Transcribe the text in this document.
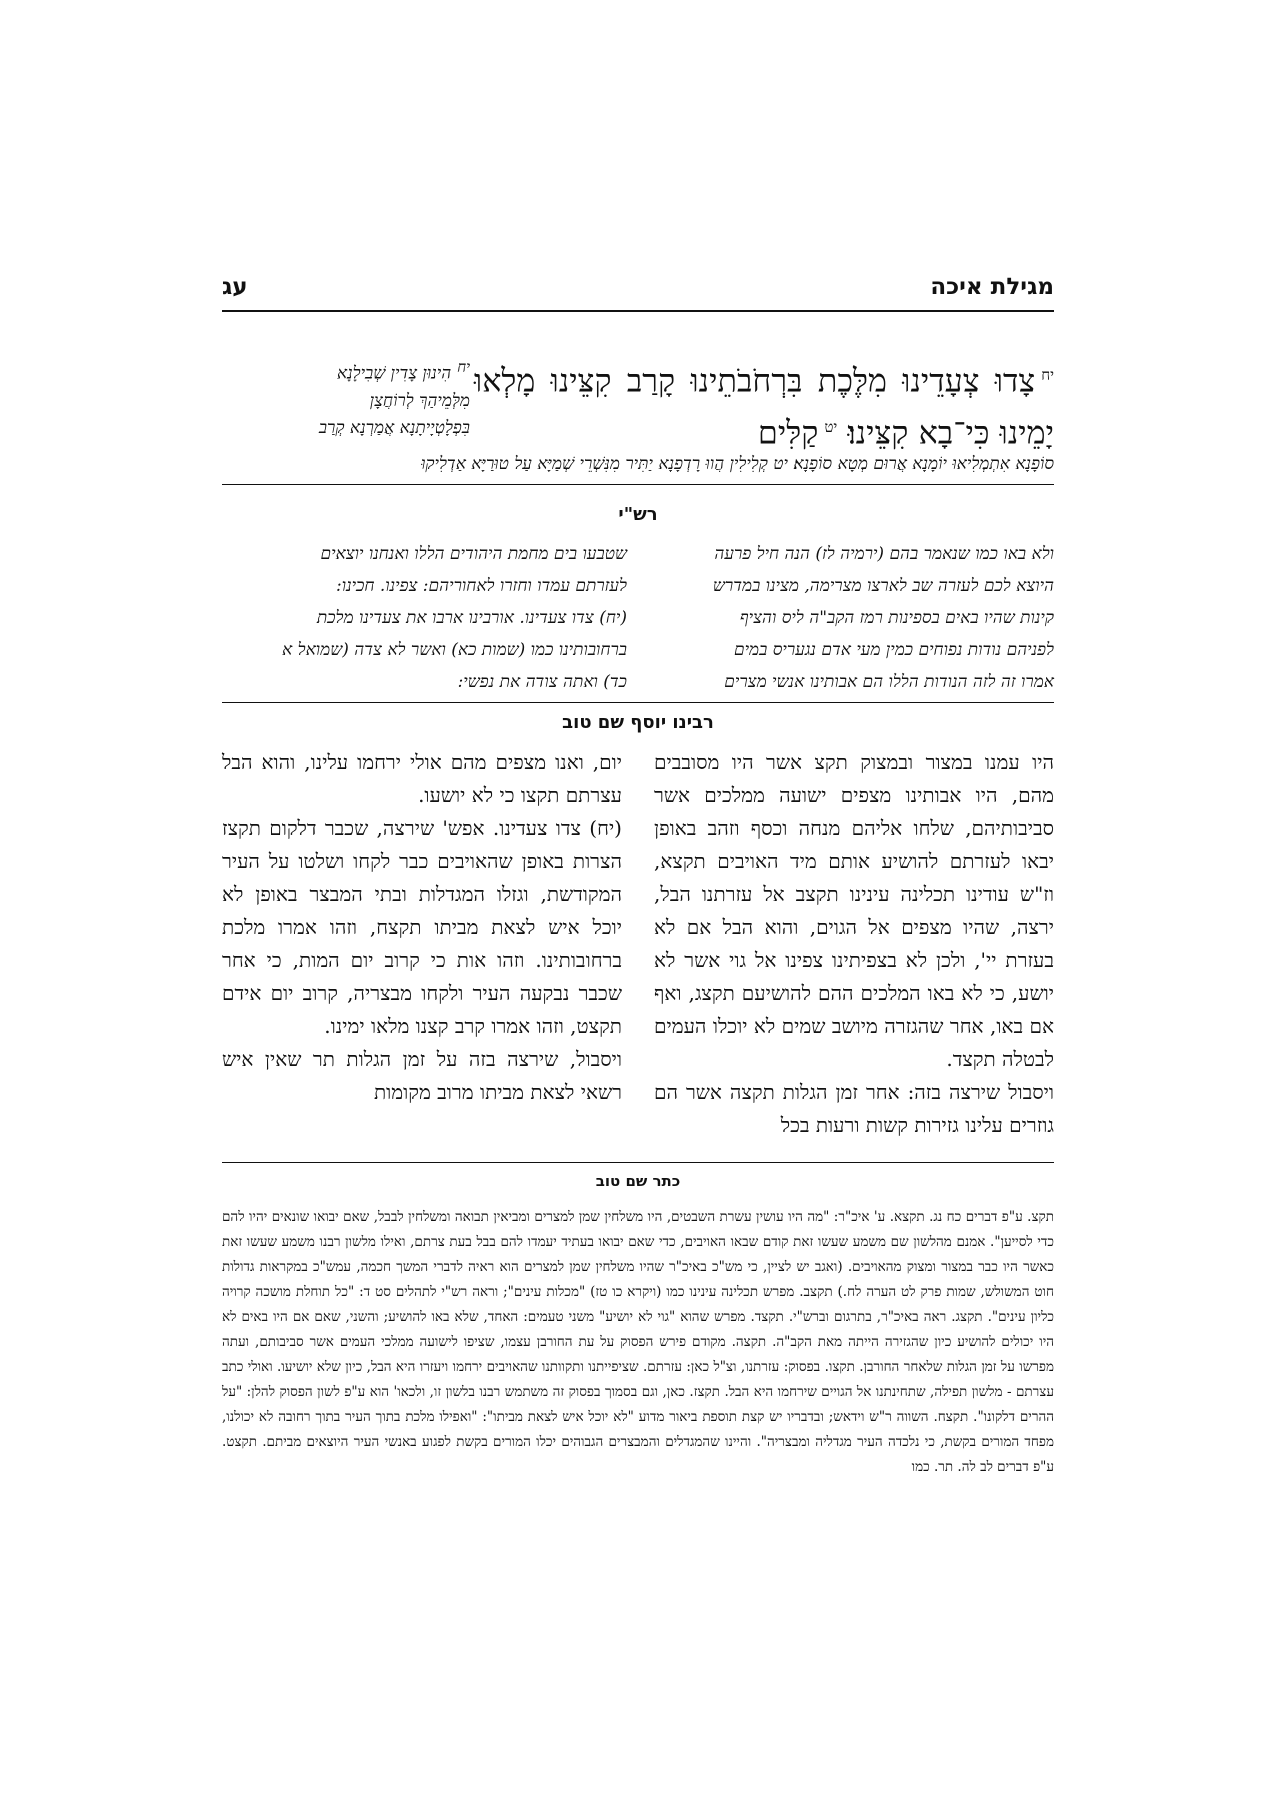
מגילת איכה
עג
$^{יח}$צָדוּ צְעָדֵינוּ מִלֶּכֶת בִּרְחֹבֹתֵינוּ קָרַב קִצֵּינוּ מָלְאוּ יָמֵינוּ כִּי־בָא קִצֵּינוּ׃ $^{יט}$קַלִּים
יחהִינוּן צָדִין שְׁבִילָנָא
מִלְּמֵיהַךְ לְרוֹחֲצָן
בִּפְלָטְיָיתָנָא אֲמַרְנָא קְרַב
סוֹפָנָא אִתְמְלִיאוּ יוֹמָנָא אֲרוּם מְטָא סוֹפָנָא׃ יט קְלִילִין הֲווּ רָדְפָנָא יַתִּיר מִנִּשְׁרֵי שְׁמַיָּא עַל טוּרַיָּא אַדְלִיקוּ
רש"י
ולא באו כמו שנאמר בהם (ירמיה לז) הנה חיל פרעה
היוצא לכם לעזרה שב לארצו מצרימה, מצינו במדרש
קינות שהיו באים בספינות רמז הקב"ה ליס והציף
לפניהם נודות נפוחים כמין מעי אדם נגעריס במים
אמרו זה לזה הנודות הללו הם אבותינו אנשי מצרים
שטבעו בים מחמת היהודים הללו ואנחנו יוצאים
לעזרתם עמדו וחזרו לאחוריהם: צפינו. חכינו:
(יח) צדו צעדינו. אורבינו ארבו את צעדינו מלכת
ברחובותינו כמו (שמות כא) ואשר לא צדה (שמואל א
כד) ואתה צודה את נפשי:
רבינו יוסף שם טוב

היו עמנו במצור ובמצוק תקצ אשר היו מסובבים מהם, היו אבותינו מצפים ישועה ממלכים אשר סביבותיהם, שלחו אליהם מנחה וכסף וזהב באופן יבאו לעזרתם להושיע אותם מיד האויבים תקצא, וז"ש עודינו תכלינה עינינו תקצב אל עזרתנו הבל, ירצה, שהיו מצפים אל הגוים, והוא הבל אם לא בעזרת יי', ולכן לא בצפיתינו צפינו אל גוי אשר לא יושע, כי לא באו המלכים ההם להושיעם תקצג, ואף אם באו, אחר שהגזרה מיושב שמים לא יוכלו העמים לבטלה תקצד.

ויסבול שירצה בזה: אחר זמן הגלות תקצה אשר הם גוזרים עלינו גזירות קשות ורעות בכל

יום, ואנו מצפים מהם אולי ירחמו עלינו, והוא הבל עצרתם תקצו כי לא יושעו.

(יח) צדו צעדינו. אפש' שירצה, שכבר דלקום תקצז הצרות באופן שהאויבים כבר לקחו ושלטו על העיר המקודשת, וגזלו המגדלות ובתי המבצר באופן לא יוכל איש לצאת מביתו תקצח, וזהו אמרו מלכת ברחובותינו. וזהו אות כי קרוב יום המות, כי אחר שכבר נבקעה העיר ולקחו מבצריה, קרוב יום אידם תקצט, וזהו אמרו קרב קצנו מלאו ימינו.

ויסבול, שירצה בזה על זמן הגלות תר שאין איש רשאי לצאת מביתו מרוב מקומות

כתר שם טוב
תקצ. ע"פ דברים כח נג. תקצא. ע' איכ"ר: "מה היו עושין עשרת השבטים, היו משלחין שמן למצרים ומביאין תבואה ומשלחין לבבל, שאם יבואו שונאים יהיו להם כדי לסייען". אמנם מהלשון שם משמע שעשו זאת קודם שבאו האויבים, כדי שאם יבואו בעתיד יעמדו להם בבל בעת צרתם, ואילו מלשון רבנו משמע שעשו זאת כאשר היו כבר במצור ומצוק מהאויבים. (ואגב יש לציין, כי מש"כ באיכ"ר שהיו משלחין שמן למצרים הוא ראיה לדברי המשך חכמה, עמש"כ במקראות גדולות חוט המשולש, שמות פרק לט הערה לח.) תקצב. מפרש תכלינה עינינו כמו (ויקרא כו טז) "מכלות עינים"; וראה רש"י לתהלים סט ד: "כל תוחלת מושכה קרויה כליון עינים". תקצג. ראה באיכ"ר, בתרגום וברש"י. תקצד. מפרש שהוא "גוי לא יושיע" משני טעמים: האחד, שלא באו להושיע; והשני, שאם אם היו באים לא היו יכולים להושיע כיון שהגזירה הייתה מאת הקב"ה. תקצה. מקודם פירש הפסוק על עת החורבן עצמו, שציפו לישועה ממלכי העמים אשר סביבותם, ועתה מפרשו על זמן הגלות שלאחר החורבן. תקצו. בפסוק: עזרתנו, וצ"ל כאן: עזרתם. שציפייתנו ותקוותנו שהאויבים ירחמו ויעזרו היא הבל, כיון שלא יושיעו. ואולי כתב עצרתם - מלשון תפילה, שתחינתנו אל הגויים שירחמו היא הבל. תקצז. כאן, וגם בסמוך בפסוק זה משתמש רבנו בלשון זו, ולכאו' הוא ע"פ לשון הפסוק להלן: "על ההרים דלקונו". תקצח. השווה ר"ש וידאש; ובדבריו יש קצת תוספת ביאור מדוע "לא יוכל איש לצאת מביתו": "ואפילו מלכת בתוך העיר בתוך רחובה לא יכולנו, מפחד המורים בקשת, כי נלכדה העיר מגדליה ומבצריה". והיינו שהמגדלים והמבצרים הגבוהים יכלו המורים בקשת לפגוע באנשי העיר היוצאים מביתם. תקצט. ע"פ דברים לב לה. תר. כמו
